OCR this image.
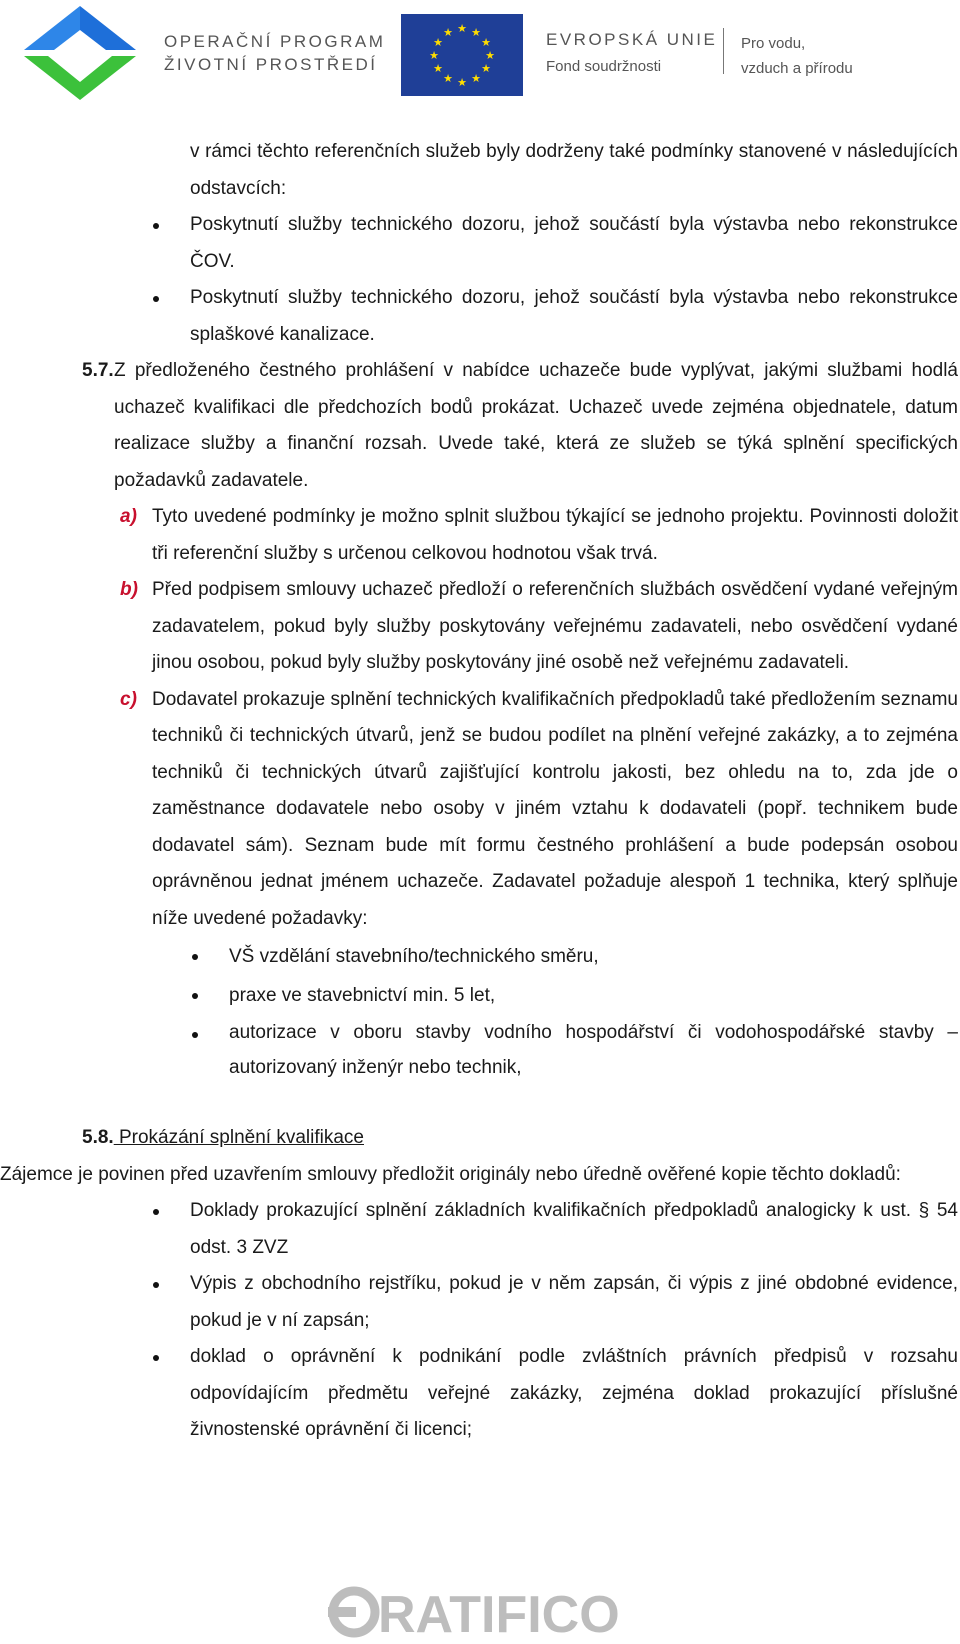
OPERAČNÍ PROGRAM
ŽIVOTNÍ PROSTŘEDÍ
★ ★
★
★
★
★
★
★
★
★
★
★	EVROPSKÁ UNIE
Fond soudržnosti
Pro vodu,
vzduch a přírodu

v rámci těchto referenčních služeb byly dodrženy také podmínky stanovené v následujících odstavcích:

Poskytnutí služby technického dozoru, jehož součástí byla výstavba nebo rekonstrukce ČOV.

Poskytnutí služby technického dozoru, jehož součástí byla výstavba nebo rekonstrukce splaškové kanalizace.

5.7. Z předloženého čestného prohlášení v nabídce uchazeče bude vyplývat, jakými službami hodlá uchazeč kvalifikaci dle předchozích bodů prokázat. Uchazeč uvede zejména objednatele, datum realizace služby a finanční rozsah. Uvede také, která ze služeb se týká splnění specifických požadavků zadavatele.

a) Tyto uvedené podmínky je možno splnit službou týkající se jednoho projektu. Povinnosti doložit tři referenční služby s určenou celkovou hodnotou však trvá.

b) Před podpisem smlouvy uchazeč předloží o referenčních službách osvědčení vydané veřejným zadavatelem, pokud byly služby poskytovány veřejnému zadavateli, nebo osvědčení vydané jinou osobou, pokud byly služby poskytovány jiné osobě než veřejnému zadavateli.

c) Dodavatel prokazuje splnění technických kvalifikačních předpokladů také předložením seznamu techniků či technických útvarů, jenž se budou podílet na plnění veřejné zakázky, a to zejména techniků či technických útvarů zajišťující kontrolu jakosti, bez ohledu na to, zda jde o zaměstnance dodavatele nebo osoby v jiném vztahu k dodavateli (popř. technikem bude dodavatel sám). Seznam bude mít formu čestného prohlášení a bude podepsán osobou oprávněnou jednat jménem uchazeče. Zadavatel požaduje alespoň 1 technika, který splňuje níže uvedené požadavky:

VŠ vzdělání stavebního/technického směru,

praxe ve stavebnictví min. 5 let,

autorizace v oboru stavby vodního hospodářství či vodohospodářské stavby – autorizovaný inženýr nebo technik,

5.8. Prokázání splnění kvalifikace

Zájemce je povinen před uzavřením smlouvy předložit originály nebo úředně ověřené kopie těchto dokladů:

Doklady prokazující splnění základních kvalifikačních předpokladů analogicky k ust. § 54 odst. 3 ZVZ

Výpis z obchodního rejstříku, pokud je v něm zapsán, či výpis z jiné obdobné evidence, pokud je v ní zapsán;

doklad o oprávnění k podnikání podle zvláštních právních předpisů v rozsahu odpovídajícím předmětu veřejné zakázky, zejména doklad prokazující příslušné živnostenské oprávnění či licenci;

RATIFICO
